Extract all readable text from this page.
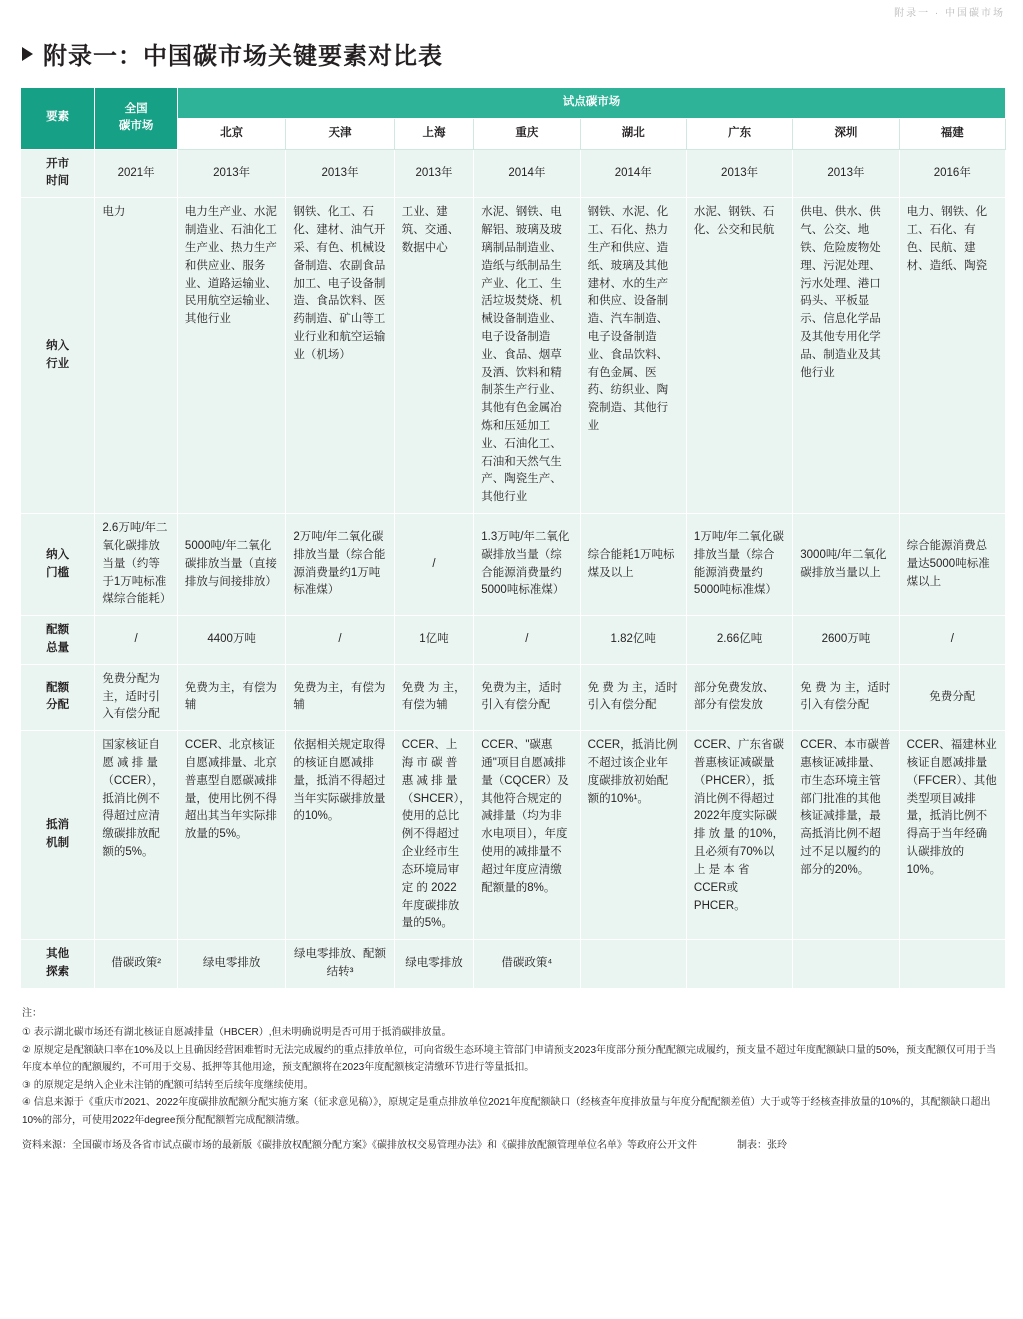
附录一 · 中国碳市场
附录一：中国碳市场关键要素对比表
要素	全国
碳市场	试点碳市场							
		北京	天津	上海	重庆	湖北	广东	深圳	福建

开市
时间	2021年	2013年	2013年	2013年	2014年	2014年	2013年	2013年	2016年

纳入
行业	电力	电力生产业、水泥制造业、石油化工生产业、热力生产和供应业、服务业、道路运输业、民用航空运输业、其他行业	钢铁、化工、石化、建材、油气开采、有色、机械设备制造、农副食品加工、电子设备制造、食品饮料、医药制造、矿山等工业行业和航空运输业（机场）	工业、建筑、交通、数据中心	水泥、钢铁、电解铝、玻璃及玻璃制品制造业、造纸与纸制品生产业、化工、生活垃圾焚烧、机械设备制造业、电子设备制造业、食品、烟草及酒、饮料和精制茶生产行业、其他有色金属冶炼和压延加工业、石油化工、石油和天然气生产、陶瓷生产、其他行业	钢铁、水泥、化工、石化、热力生产和供应、造纸、玻璃及其他建材、水的生产和供应、设备制造、汽车制造、电子设备制造业、食品饮料、有色金属、医药、纺织业、陶瓷制造、其他行业	水泥、钢铁、石化、公交和民航	供电、供水、供气、公交、地铁、危险废物处理、污泥处理、污水处理、港口码头、平板显示、信息化学品及其他专用化学品、制造业及其他行业	电力、钢铁、化工、石化、有色、民航、建材、造纸、陶瓷

纳入
门槛	2.6万吨/年二氧化碳排放当量（约等于1万吨标准煤综合能耗）	5000吨/年二氧化碳排放当量（直接排放与间接排放）	2万吨/年二氧化碳排放当量（综合能源消费量约1万吨标准煤）	/	1.3万吨/年二氧化碳排放当量（综合能源消费量约5000吨标准煤）	综合能耗1万吨标煤及以上	1万吨/年二氧化碳排放当量（综合能源消费量约5000吨标准煤）	3000吨/年二氧化碳排放当量以上	综合能源消费总量达5000吨标准煤以上

配额
总量	/	4400万吨	/	1亿吨	/	1.82亿吨	2.66亿吨	2600万吨	/

配额
分配	免费分配为主，适时引入有偿分配	免费为主，有偿为辅	免费为主，有偿为辅	免费 为 主，有偿为辅	免费为主，适时引入有偿分配	免 费 为 主，适时引入有偿分配	部分免费发放、部分有偿发放	免 费 为 主，适时引入有偿分配	免费分配

抵消
机制	国家核证自愿 减 排 量（CCER），抵消比例不得超过应清缴碳排放配额的5%。	CCER、北京核证自愿减排量、北京普惠型自愿碳减排量，使用比例不得超出其当年实际排放量的5%。	依据相关规定取得的核证自愿减排量，抵消不得超过当年实际碳排放量的10%。	CCER、上海 市 碳 普 惠 减 排 量（SHCER），使用的总比例不得超过企业经市生态环境局审定 的 2022 年度碳排放量的5%。	CCER、"碳惠通"项目自愿减排量（CQCER）及其他符合规定的减排量（均为非水电项目），年度使用的减排量不超过年度应清缴配额量的8%。	CCER，抵消比例不超过该企业年度碳排放初始配额的10%¹。	CCER、广东省碳普惠核证减碳量（PHCER），抵消比例不得超过2022年度实际碳排 放 量 的10%，且必须有70%以上 是 本 省 CCER或PHCER。	CCER、本市碳普惠核证减排量、市生态环境主管部门批准的其他核证减排量，最高抵消比例不超过不足以履约的部分的20%。	CCER、福建林业核证自愿减排量（FFCER）、其他类型项目减排量，抵消比例不得高于当年经确认碳排放的10%。

其他
探索	借碳政策²	绿电零排放	绿电零排放、配额结转³	绿电零排放	借碳政策⁴				

注：

① 表示湖北碳市场还有湖北核证自愿减排量（HBCER）,但未明确说明是否可用于抵消碳排放量。

② 原规定是配额缺口率在10%及以上且确因经营困难暂时无法完成履约的重点排放单位，可向省级生态环境主管部门申请预支2023年度部分预分配配额完成履约，预支量不超过年度配额缺口量的50%，预支配额仅可用于当年度本单位的配额履约，不可用于交易、抵押等其他用途，预支配额将在2023年度配额核定清缴环节进行等量抵扣。

③ 的原规定是纳入企业未注销的配额可结转至后续年度继续使用。

④ 信息来源于《重庆市2021、2022年度碳排放配额分配实施方案（征求意见稿）》，原规定是重点排放单位2021年度配额缺口（经核查年度排放量与年度分配配额差值）大于或等于经核查排放量的10%的，其配额缺口超出10%的部分，可使用2022年degree预分配配额暂完成配额清缴。

资料来源：全国碳市场及各省市试点碳市场的最新版《碳排放权配额分配方案》《碳排放权交易管理办法》和《碳排放配额管理单位名单》等政府公开文件	制表：张玲
